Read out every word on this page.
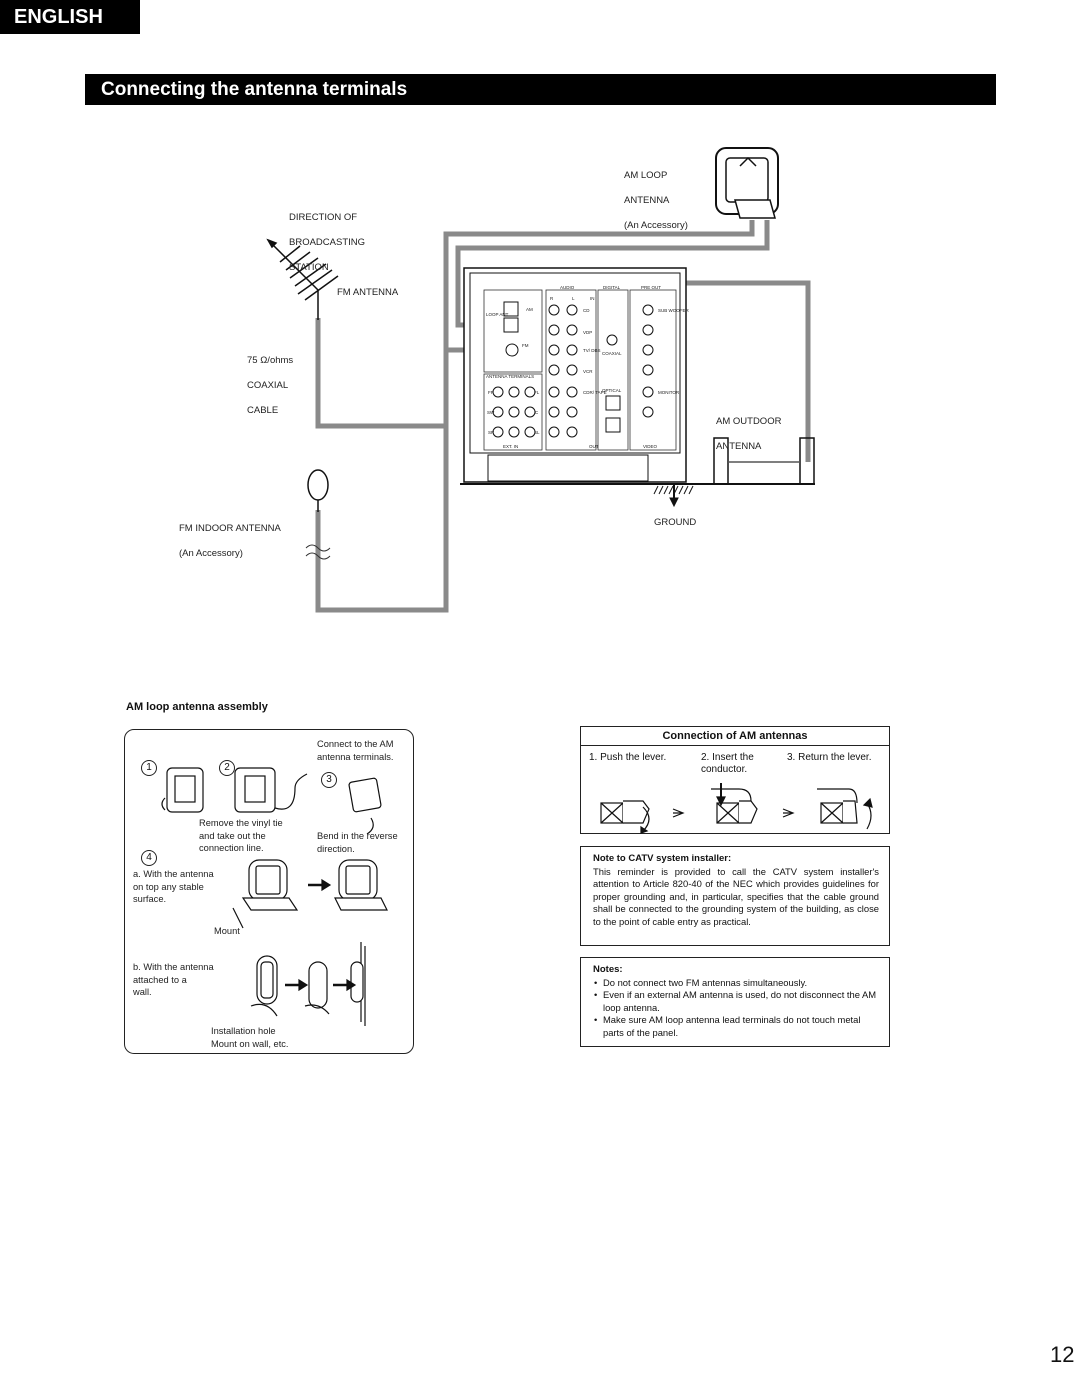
ENGLISH
Connecting the antenna terminals
AUDIO	DIGITAL	PRE OUT
ANTENNA TERMINALS
EXT. IN
AM	CD
VDP
TV/ DBS
VCR
CDR/ TAPE
COAXIAL
OPTICAL
SUB WOOFER
MONITOR
VIDEO
FM
LOOP ANT
FR	FL
SW	C
SR	SL
OUT
IN
R	L

AM LOOP

ANTENNA

(An Accessory)

DIRECTION OF

BROADCASTING

STATION

FM ANTENNA

75 Ω/ohms

COAXIAL

CABLE

AM OUTDOOR

ANTENNA

FM INDOOR ANTENNA

(An Accessory)

GROUND
AM loop antenna assembly
1	2
3
4
Connect to the AM
antenna terminals.
Remove the vinyl tie
and take out the
connection line.
Bend in the reverse
direction.
a. With the antenna
on top any stable
surface.
Mount
b. With the antenna
attached to a
wall.
Installation hole
Mount on wall, etc.
Connection of AM antennas
1. Push the lever.	2. Insert the
conductor.
3. Return the lever.
Note to CATV system installer:
This reminder is provided to call the CATV system installer's attention to Article 820-40 of the NEC which provides guidelines for proper grounding and, in particular, specifies that the cable ground shall be connected to the grounding system of the building, as close to the point of cable entry as practical.
Notes:
• Do not connect two FM antennas simultaneously.
• Even if an external AM antenna is used, do not disconnect the AM loop antenna.
• Make sure AM loop antenna lead terminals do not touch metal parts of the panel.
12
